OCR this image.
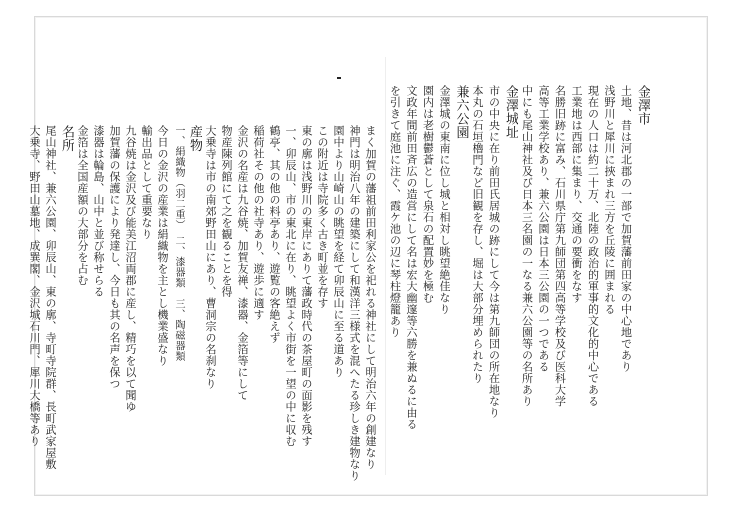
金澤市
土地、昔は河北郡の一部で加賀藩前田家の中心地であり
浅野川と犀川に挾まれ三方を丘陵に囲まれる
現在の人口は約二十万、北陸の政治的軍事的文化的中心である
工業地は西部に集まり、交通の要衝をなす
名勝旧跡に富み、石川県庁第九師団第四高等学校及び医科大学
高等工業学校あり、兼六公園は日本三公園の一つである
中にも尾山神社及び日本三名園の一なる兼六公園等の名所あり
金澤城址
市の中央に在り前田氏居城の跡にして今は第九師団の所在地なり
本丸の石垣櫓門など旧観を存し、堀は大部分埋められたり
兼六公園
金澤城の東南に位し城と相対し眺望絶佳なり
園内は老樹鬱蒼として泉石の配置妙を極む
文政年間前田斉広の造営にして名は宏大幽邃等六勝を兼ぬるに由る
を引きて庭池に注ぐ、霞ケ池の辺に琴柱燈籠あり
まく加賀の藩祖前田利家公を祀れる神社にして明治六年の創建なり
神門は明治八年の建築にして和漢洋三様式を混へたる珍しき建物なり
園中より山崎山の眺望を経て卯辰山に至る道あり
この附近は寺院多く古き町並を存す
東の廓は浅野川の東岸にありて藩政時代の茶屋町の面影を残す
一、卯辰山、市の東北に在り、眺望よく市街を一望の中に収む
鶴亭、其の他の料亭あり、遊覧の客絶えず
稲荷社その他の社寺あり、遊歩に適す
金沢の名産は九谷焼、加賀友禅、漆器、金箔等にして
物産陳列館にて之を観ることを得
大乗寺は市の南郊野田山にあり、曹洞宗の名刹なり
産物
一、絹織物（羽二重）　二、漆器類　三、陶磁器類
今日の金沢の産業は絹織物を主とし機業盛なり
輸出品として重要なり
九谷焼は金沢及び能美江沼両郡に産し、精巧を以て聞ゆ
加賀藩の保護により発達し、今日も其の名声を保つ
漆器は輪島、山中と並び称せらる
金箔は全国産額の大部分を占む
名所
尾山神社、兼六公園、卯辰山、東の廓、寺町寺院群、長町武家屋敷
大乗寺、野田山墓地、成巽閣、金沢城石川門、犀川大橋等あり
